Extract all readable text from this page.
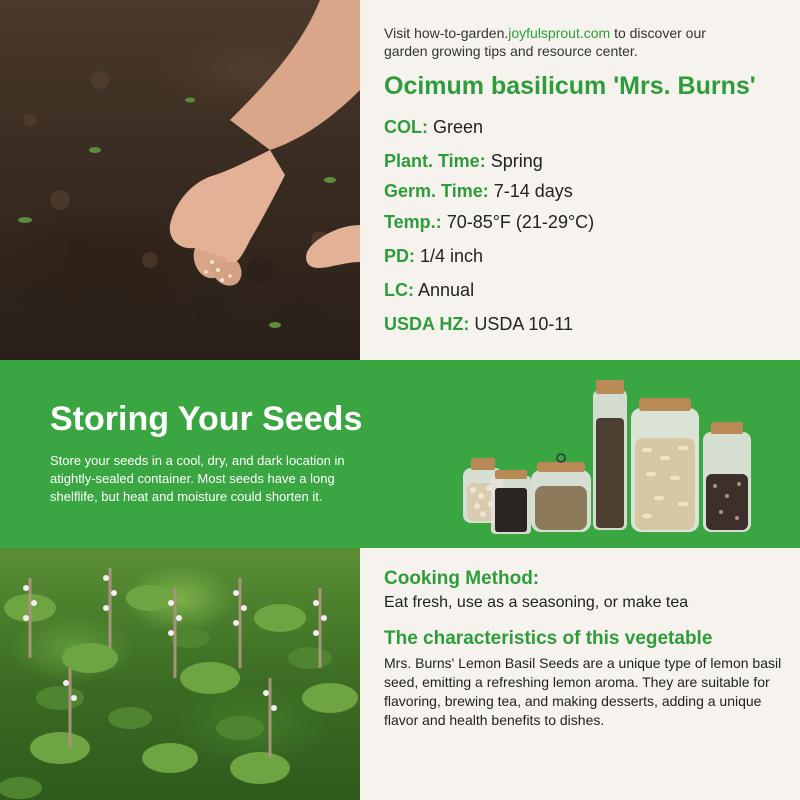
Visit how-to-garden.joyfulsprout.com to discover our garden growing tips and resource center.

Ocimum basilicum 'Mrs. Burns'
COL: Green
Plant. Time: Spring
Germ. Time: 7-14 days
Temp.: 70-85°F (21-29°C)
PD: 1/4 inch
LC: Annual
USDA HZ: USDA 10-11
Storing Your Seeds

Store your seeds in a cool, dry, and dark location in atightly-sealed container. Most seeds have a long shelflife, but heat and moisture could shorten it.

Cooking Method:

Eat fresh, use as a seasoning, or make tea

The characteristics of this vegetable

Mrs. Burns' Lemon Basil Seeds are a unique type of lemon basil seed, emitting a refreshing lemon aroma. They are suitable for flavoring, brewing tea, and making desserts, adding a unique flavor and health benefits to dishes.
